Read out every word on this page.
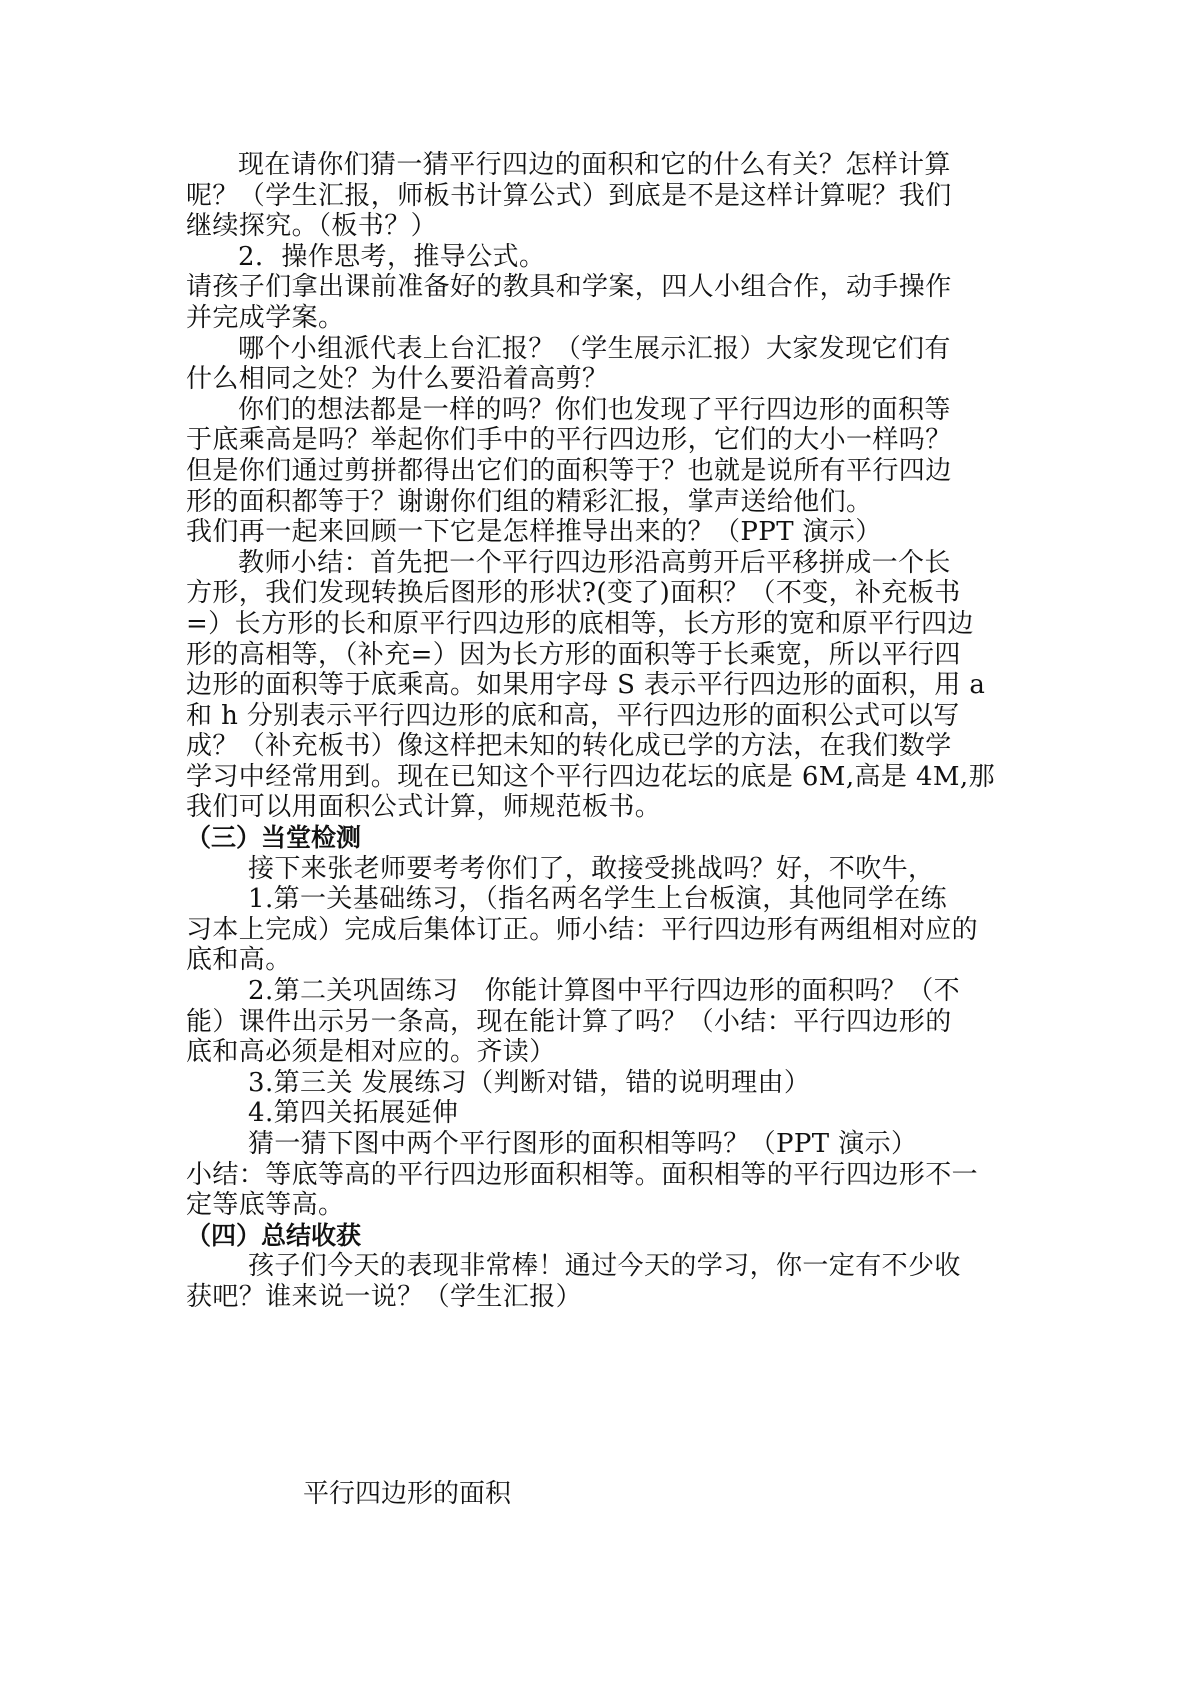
现在请你们猜一猜平行四边的面积和它的什么有关？怎样计算
呢？（学生汇报，师板书计算公式）到底是不是这样计算呢？我们
继续探究。（板书？）
2．操作思考，推导公式。
请孩子们拿出课前准备好的教具和学案，四人小组合作，动手操作
并完成学案。
哪个小组派代表上台汇报？（学生展示汇报）大家发现它们有
什么相同之处？为什么要沿着高剪？
你们的想法都是一样的吗？你们也发现了平行四边形的面积等
于底乘高是吗？举起你们手中的平行四边形，它们的大小一样吗？
但是你们通过剪拼都得出它们的面积等于？也就是说所有平行四边
形的面积都等于？谢谢你们组的精彩汇报，掌声送给他们。
我们再一起来回顾一下它是怎样推导出来的？（PPT 演示）
教师小结：首先把一个平行四边形沿高剪开后平移拼成一个长
方形，我们发现转换后图形的形状?(变了)面积？（不变，补充板书
=）长方形的长和原平行四边形的底相等，长方形的宽和原平行四边
形的高相等，（补充=）因为长方形的面积等于长乘宽，所以平行四
边形的面积等于底乘高。如果用字母 S 表示平行四边形的面积，用 a
和 h 分别表示平行四边形的底和高，平行四边形的面积公式可以写
成？（补充板书）像这样把未知的转化成已学的方法，在我们数学
学习中经常用到。现在已知这个平行四边花坛的底是 6M,高是 4M,那
我们可以用面积公式计算，师规范板书。
（三）当堂检测
接下来张老师要考考你们了，敢接受挑战吗？好，不吹牛，
1.第一关基础练习，（指名两名学生上台板演，其他同学在练
习本上完成）完成后集体订正。师小结：平行四边形有两组相对应的
底和高。
2.第二关巩固练习　你能计算图中平行四边形的面积吗？（不
能）课件出示另一条高，现在能计算了吗？（小结：平行四边形的
底和高必须是相对应的。齐读）
3.第三关 发展练习（判断对错，错的说明理由）
4.第四关拓展延伸
猜一猜下图中两个平行图形的面积相等吗？（PPT 演示）
小结：等底等高的平行四边形面积相等。面积相等的平行四边形不一
定等底等高。
（四）总结收获
孩子们今天的表现非常棒！通过今天的学习，你一定有不少收
获吧？谁来说一说？（学生汇报）
平行四边形的面积
